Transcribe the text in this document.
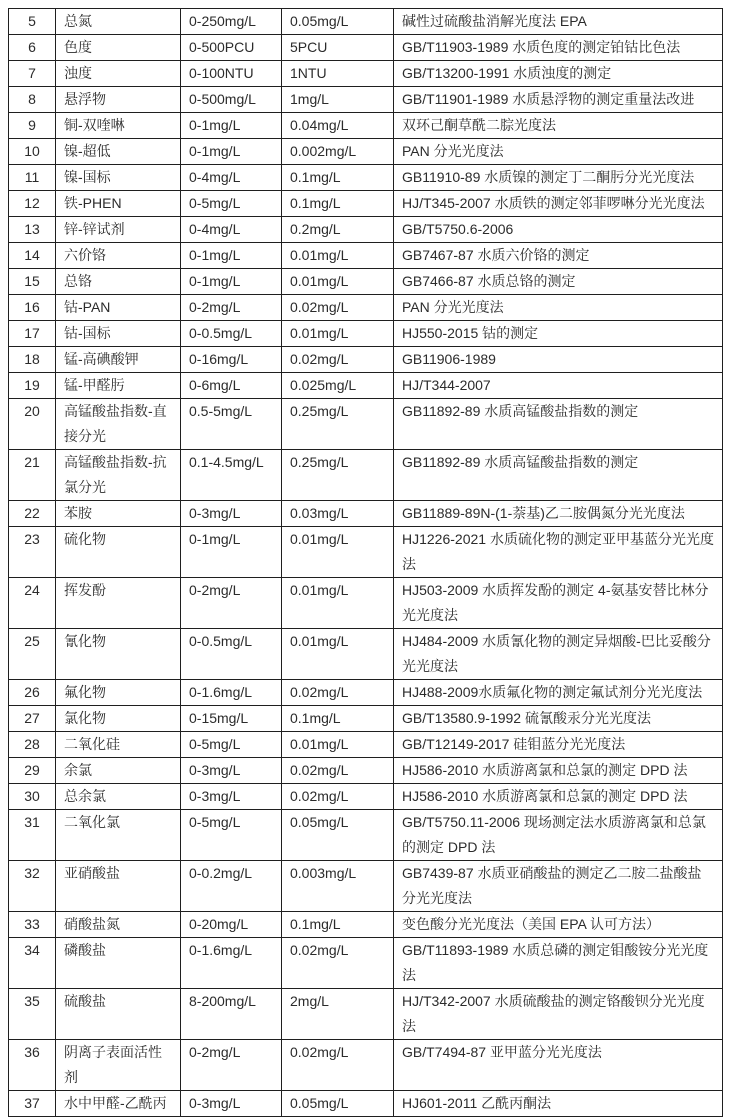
5	总氮	0-250mg/L	0.05mg/L	碱性过硫酸盐消解光度法 EPA
6	色度	0-500PCU	5PCU	GB/T11903-1989 水质色度的测定铂钴比色法
7	浊度	0-100NTU	1NTU	GB/T13200-1991 水质浊度的测定
8	悬浮物	0-500mg/L	1mg/L	GB/T11901-1989 水质悬浮物的测定重量法改进
9	铜-双喹啉	0-1mg/L	0.04mg/L	双环己酮草酰二腙光度法
10	镍-超低	0-1mg/L	0.002mg/L	PAN 分光光度法
11	镍-国标	0-4mg/L	0.1mg/L	GB11910-89 水质镍的测定丁二酮肟分光光度法
12	铁-PHEN	0-5mg/L	0.1mg/L	HJ/T345-2007 水质铁的测定邻菲啰啉分光光度法
13	锌-锌试剂	0-4mg/L	0.2mg/L	GB/T5750.6-2006
14	六价铬	0-1mg/L	0.01mg/L	GB7467-87 水质六价铬的测定
15	总铬	0-1mg/L	0.01mg/L	GB7466-87 水质总铬的测定
16	钴-PAN	0-2mg/L	0.02mg/L	PAN 分光光度法
17	钴-国标	0-0.5mg/L	0.01mg/L	HJ550-2015 钴的测定
18	锰-高碘酸钾	0-16mg/L	0.02mg/L	GB11906-1989
19	锰-甲醛肟	0-6mg/L	0.025mg/L	HJ/T344-2007
20	高锰酸盐指数-直接分光	0.5-5mg/L	0.25mg/L	GB11892-89 水质高锰酸盐指数的测定
21	高锰酸盐指数-抗氯分光	0.1-4.5mg/L	0.25mg/L	GB11892-89 水质高锰酸盐指数的测定
22	苯胺	0-3mg/L	0.03mg/L	GB11889-89N-(1-萘基)乙二胺偶氮分光光度法
23	硫化物	0-1mg/L	0.01mg/L	HJ1226-2021 水质硫化物的测定亚甲基蓝分光光度法
24	挥发酚	0-2mg/L	0.01mg/L	HJ503-2009 水质挥发酚的测定 4-氨基安替比林分光光度法
25	氰化物	0-0.5mg/L	0.01mg/L	HJ484-2009 水质氰化物的测定异烟酸-巴比妥酸分光光度法
26	氟化物	0-1.6mg/L	0.02mg/L	HJ488-2009水质氟化物的测定氟试剂分光光度法
27	氯化物	0-15mg/L	0.1mg/L	GB/T13580.9-1992 硫氰酸汞分光光度法
28	二氧化硅	0-5mg/L	0.01mg/L	GB/T12149-2017 硅钼蓝分光光度法
29	余氯	0-3mg/L	0.02mg/L	HJ586-2010 水质游离氯和总氯的测定 DPD 法
30	总余氯	0-3mg/L	0.02mg/L	HJ586-2010 水质游离氯和总氯的测定 DPD 法
31	二氧化氯	0-5mg/L	0.05mg/L	GB/T5750.11-2006 现场测定法水质游离氯和总氯的测定 DPD 法
32	亚硝酸盐	0-0.2mg/L	0.003mg/L	GB7439-87 水质亚硝酸盐的测定乙二胺二盐酸盐分光光度法
33	硝酸盐氮	0-20mg/L	0.1mg/L	变色酸分光光度法（美国 EPA 认可方法）
34	磷酸盐	0-1.6mg/L	0.02mg/L	GB/T11893-1989 水质总磷的测定钼酸铵分光光度法
35	硫酸盐	8-200mg/L	2mg/L	HJ/T342-2007 水质硫酸盐的测定铬酸钡分光光度法
36	阴离子表面活性剂	0-2mg/L	0.02mg/L	GB/T7494-87 亚甲蓝分光光度法
37	水中甲醛-乙酰丙	0-3mg/L	0.05mg/L	HJ601-2011 乙酰丙酮法
